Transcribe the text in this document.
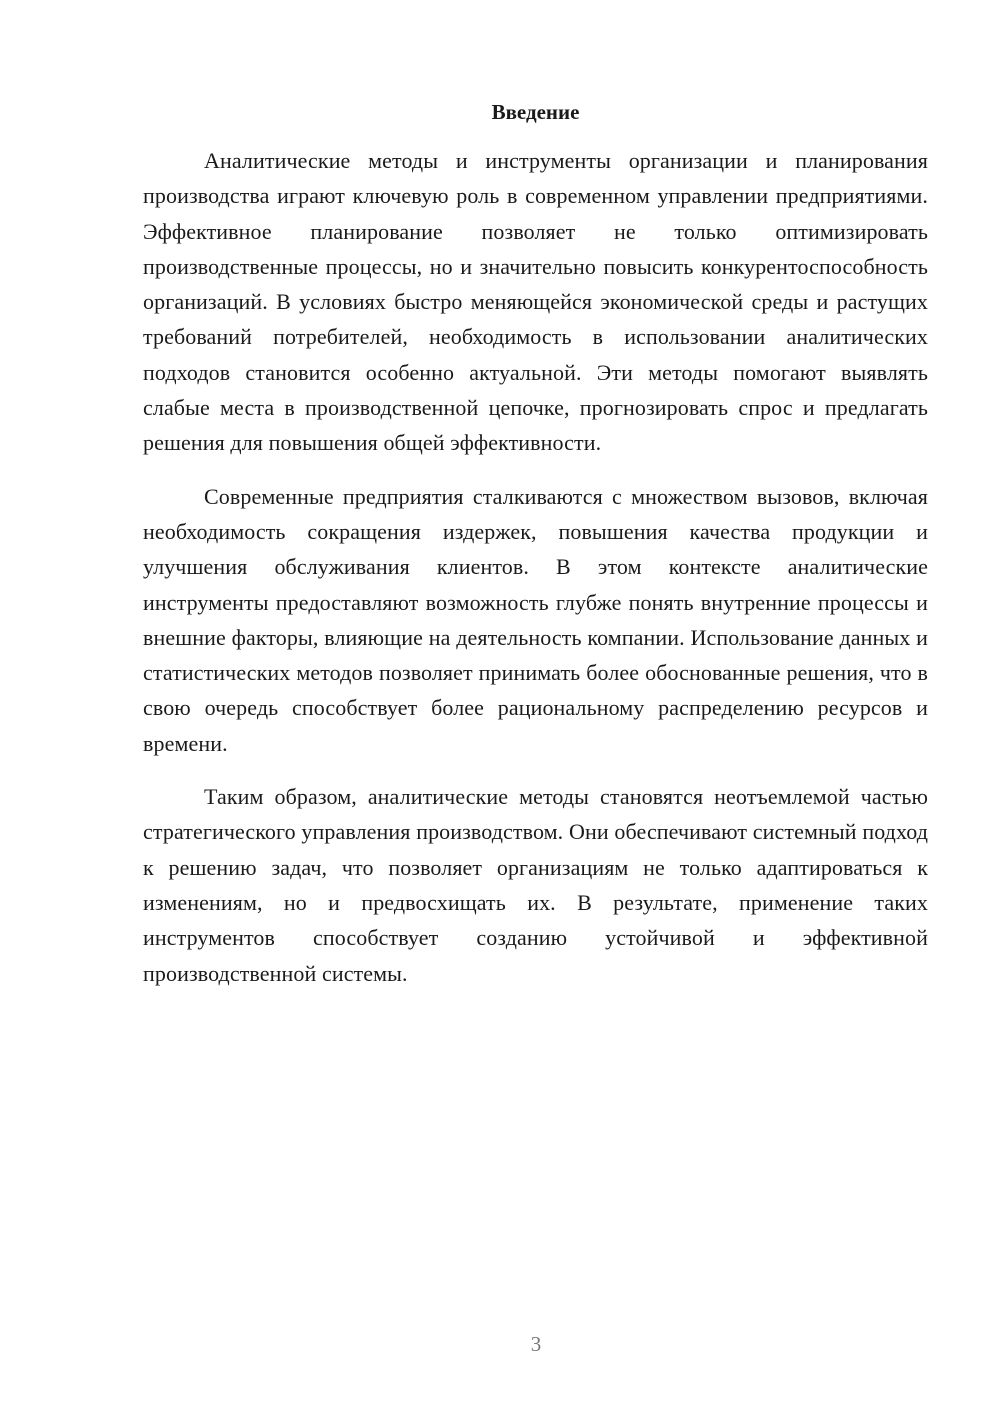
Введение

Аналитические методы и инструменты организации и планирования производства играют ключевую роль в современном управлении предприятиями. Эффективное планирование позволяет не только оптимизировать производственные процессы, но и значительно повысить конкурентоспособность организаций. В условиях быстро меняющейся экономической среды и растущих требований потребителей, необходимость в использовании аналитических подходов становится особенно актуальной. Эти методы помогают выявлять слабые места в производственной цепочке, прогнозировать спрос и предлагать решения для повышения общей эффективности.

Современные предприятия сталкиваются с множеством вызовов, включая необходимость сокращения издержек, повышения качества продукции и улучшения обслуживания клиентов. В этом контексте аналитические инструменты предоставляют возможность глубже понять внутренние процессы и внешние факторы, влияющие на деятельность компании. Использование данных и статистических методов позволяет принимать более обоснованные решения, что в свою очередь способствует более рациональному распределению ресурсов и времени.

Таким образом, аналитические методы становятся неотъемлемой частью стратегического управления производством. Они обеспечивают системный подход к решению задач, что позволяет организациям не только адаптироваться к изменениям, но и предвосхищать их. В результате, применение таких инструментов способствует созданию устойчивой и эффективной производственной системы.

3
